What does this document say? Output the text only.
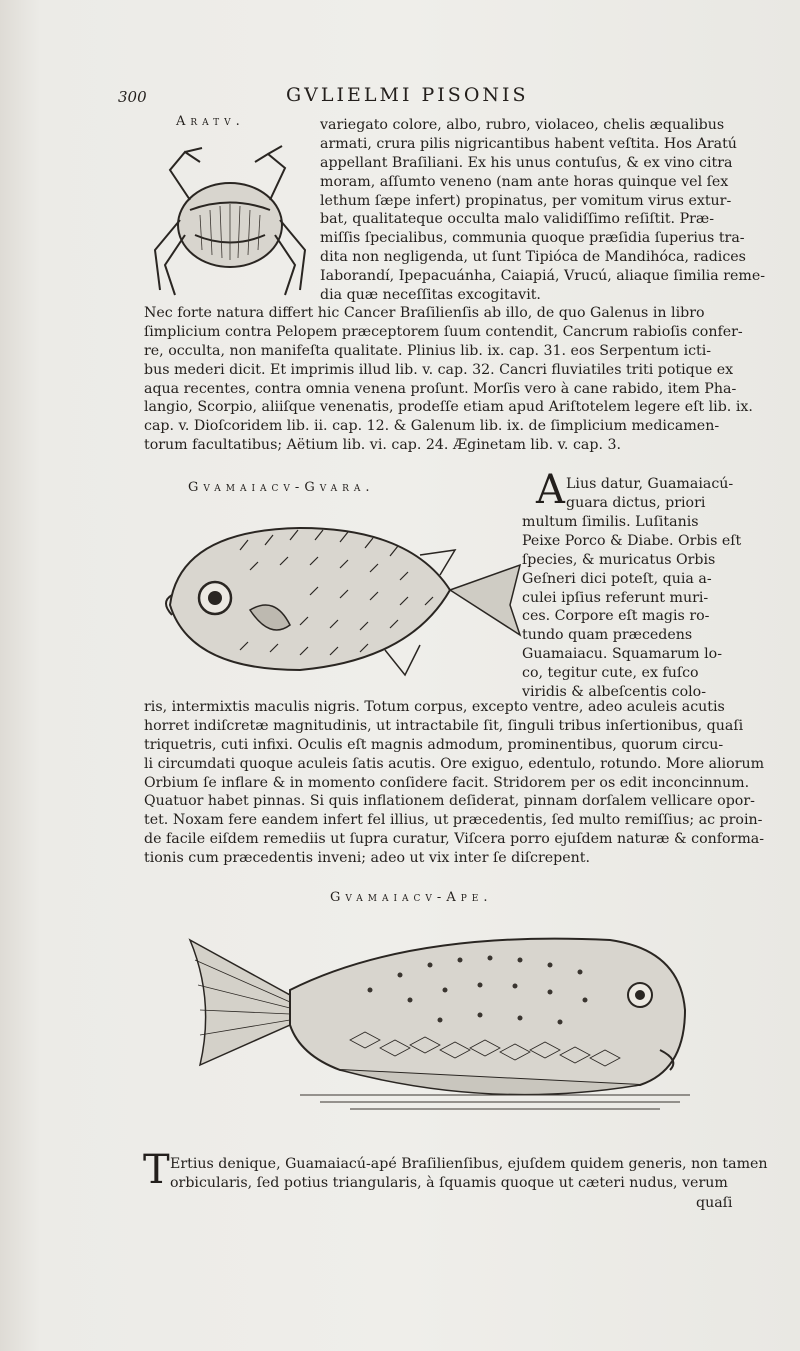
300	GVLIELMI PISONIS
Aratv.	variegato colore, albo, rubro, violaceo, chelis æqualibus
armati, crura pilis nigricantibus habent veſtita. Hos Aratú
appellant Braſiliani. Ex his unus contuſus, & ex vino citra
moram, aſſumto veneno (nam ante horas quinque vel ſex
lethum ſæpe infert) propinatus, per vomitum virus extur-
bat, qualitateque occulta malo validiſſimo reſiſtit. Præ-
miſſis ſpecialibus, communia quoque præſidia ſuperius tra-
dita non negligenda, ut ſunt Tipióca de Mandihóca, radices
Iaborandí, Ipepacuánha, Caiapiá, Vrucú, aliaque ſimilia reme-
dia quæ neceſſitas excogitavit.
Nec forte natura differt hic Cancer Braſilienſis ab illo, de quo Galenus in libro
ſimplicium contra Pelopem præceptorem ſuum contendit, Cancrum rabioſis confer-
re, occulta, non manifeſta qualitate. Plinius lib. ix. cap. 31. eos Serpentum icti-
bus mederi dicit. Et imprimis illud lib. v. cap. 32. Cancri fluviatiles triti potique ex
aqua recentes, contra omnia venena proſunt. Morſis vero à cane rabido, item Pha-
langio, Scorpio, aliiſque venenatis, prodeſſe etiam apud Ariſtotelem legere eſt lib. ix.
cap. v. Dioſcoridem lib. ii. cap. 12. & Galenum lib. ix. de ſimplicium medicamen-
torum facultatibus; Aëtium lib. vi. cap. 24. Æginetam lib. v. cap. 3.
Gvamaiacv-Gvara.	A Lius datur, Guamaiacú-
guara dictus, priori
multum ſimilis. Luſitanis
Peixe Porco & Diabe. Orbis eſt
ſpecies, & muricatus Orbis
Geſneri dici poteſt, quia a-
culei ipſius referunt muri-
ces. Corpore eſt magis ro-
tundo quam præcedens
Guamaiacu. Squamarum lo-
co, tegitur cute, ex fuſco
viridis & albeſcentis colo-
ris, intermixtis maculis nigris. Totum corpus, excepto ventre, adeo aculeis acutis
horret indiſcretæ magnitudinis, ut intractabile ſit, ſinguli tribus inſertionibus, quaſi
triquetris, cuti infixi. Oculis eſt magnis admodum, prominentibus, quorum circu-
li circumdati quoque aculeis ſatis acutis. Ore exiguo, edentulo, rotundo. More aliorum
Orbium ſe inflare & in momento conſidere facit. Stridorem per os edit inconcinnum.
Quatuor habet pinnas. Si quis inflationem deſiderat, pinnam dorſalem vellicare opor-
tet. Noxam fere eandem infert fel illius, ut præcedentis, ſed multo remiſſius; ac proin-
de facile eiſdem remediis ut ſupra curatur, Viſcera porro ejuſdem naturæ & conforma-
tionis cum præcedentis inveni; adeo ut vix inter ſe diſcrepent.
Gvamaiacv-Ape.
T Ertius denique, Guamaiacú-apé Braſilienſibus, ejuſdem quidem generis, non tamen
orbicularis, ſed potius triangularis, à ſquamis quoque ut cæteri nudus, verum
quaſi
